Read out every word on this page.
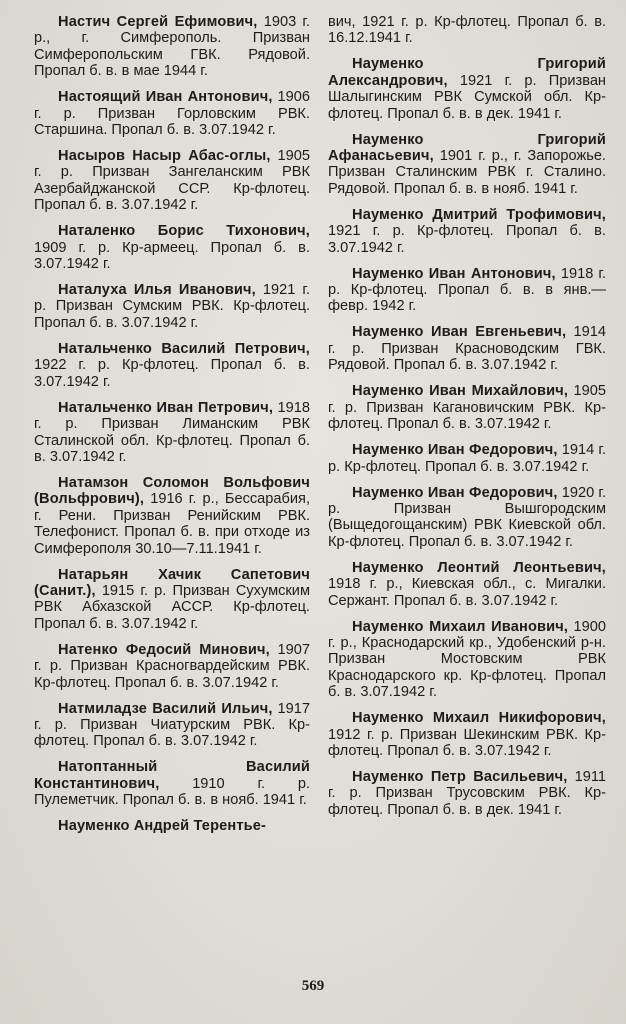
Настич Сергей Ефимович, 1903 г. р., г. Симферополь. Призван Симферопольским ГВК. Рядовой. Пропал б. в. в мае 1944 г.

Настоящий Иван Антонович, 1906 г. р. Призван Горловским РВК. Старшина. Пропал б. в. 3.07.1942 г.

Насыров Насыр Абас-оглы, 1905 г. р. Призван Зангеланским РВК Азербайджанской ССР. Кр-флотец. Пропал б. в. 3.07.1942 г.

Наталенко Борис Тихонович, 1909 г. р. Кр-армеец. Пропал б. в. 3.07.1942 г.

Наталуха Илья Иванович, 1921 г. р. Призван Сумским РВК. Кр-флотец. Пропал б. в. 3.07.1942 г.

Натальченко Василий Петрович, 1922 г. р. Кр-флотец. Пропал б. в. 3.07.1942 г.

Натальченко Иван Петрович, 1918 г. р. Призван Лиманским РВК Сталинской обл. Кр-флотец. Пропал б. в. 3.07.1942 г.

Натамзон Соломон Вольфович (Вольфрович), 1916 г. р., Бессарабия, г. Рени. Призван Ренийским РВК. Телефонист. Пропал б. в. при отходе из Симферополя 30.10—7.11.1941 г.

Натарьян Хачик Сапетович (Санит.), 1915 г. р. Призван Сухумским РВК Абхазской АССР. Кр-флотец. Пропал б. в. 3.07.1942 г.

Натенко Федосий Минович, 1907 г. р. Призван Красногвардейским РВК. Кр-флотец. Пропал б. в. 3.07.1942 г.

Натмиладзе Василий Ильич, 1917 г. р. Призван Чиатурским РВК. Кр-флотец. Пропал б. в. 3.07.1942 г.

Натоптанный Василий Константинович, 1910 г. р. Пулеметчик. Пропал б. в. в нояб. 1941 г.

Науменко Андрей Терентье-

вич, 1921 г. р. Кр-флотец. Пропал б. в. 16.12.1941 г.

Науменко Григорий Александрович, 1921 г. р. Призван Шалыгинским РВК Сумской обл. Кр-флотец. Пропал б. в. в дек. 1941 г.

Науменко Григорий Афанасьевич, 1901 г. р., г. Запорожье. Призван Сталинским РВК г. Сталино. Рядовой. Пропал б. в. в нояб. 1941 г.

Науменко Дмитрий Трофимович, 1921 г. р. Кр-флотец. Пропал б. в. 3.07.1942 г.

Науменко Иван Антонович, 1918 г. р. Кр-флотец. Пропал б. в. в янв.—февр. 1942 г.

Науменко Иван Евгеньевич, 1914 г. р. Призван Красноводским ГВК. Рядовой. Пропал б. в. 3.07.1942 г.

Науменко Иван Михайлович, 1905 г. р. Призван Кагановичским РВК. Кр-флотец. Пропал б. в. 3.07.1942 г.

Науменко Иван Федорович, 1914 г. р. Кр-флотец. Пропал б. в. 3.07.1942 г.

Науменко Иван Федорович, 1920 г. р. Призван Вышгородским (Выщедогощанским) РВК Киевской обл. Кр-флотец. Пропал б. в. 3.07.1942 г.

Науменко Леонтий Леонтьевич, 1918 г. р., Киевская обл., с. Мигалки. Сержант. Пропал б. в. 3.07.1942 г.

Науменко Михаил Иванович, 1900 г. р., Краснодарский кр., Удобенский р-н. Призван Мостовским РВК Краснодарского кр. Кр-флотец. Пропал б. в. 3.07.1942 г.

Науменко Михаил Никифорович, 1912 г. р. Призван Шекинским РВК. Кр-флотец. Пропал б. в. 3.07.1942 г.

Науменко Петр Васильевич, 1911 г. р. Призван Трусовским РВК. Кр-флотец. Пропал б. в. в дек. 1941 г.

569
